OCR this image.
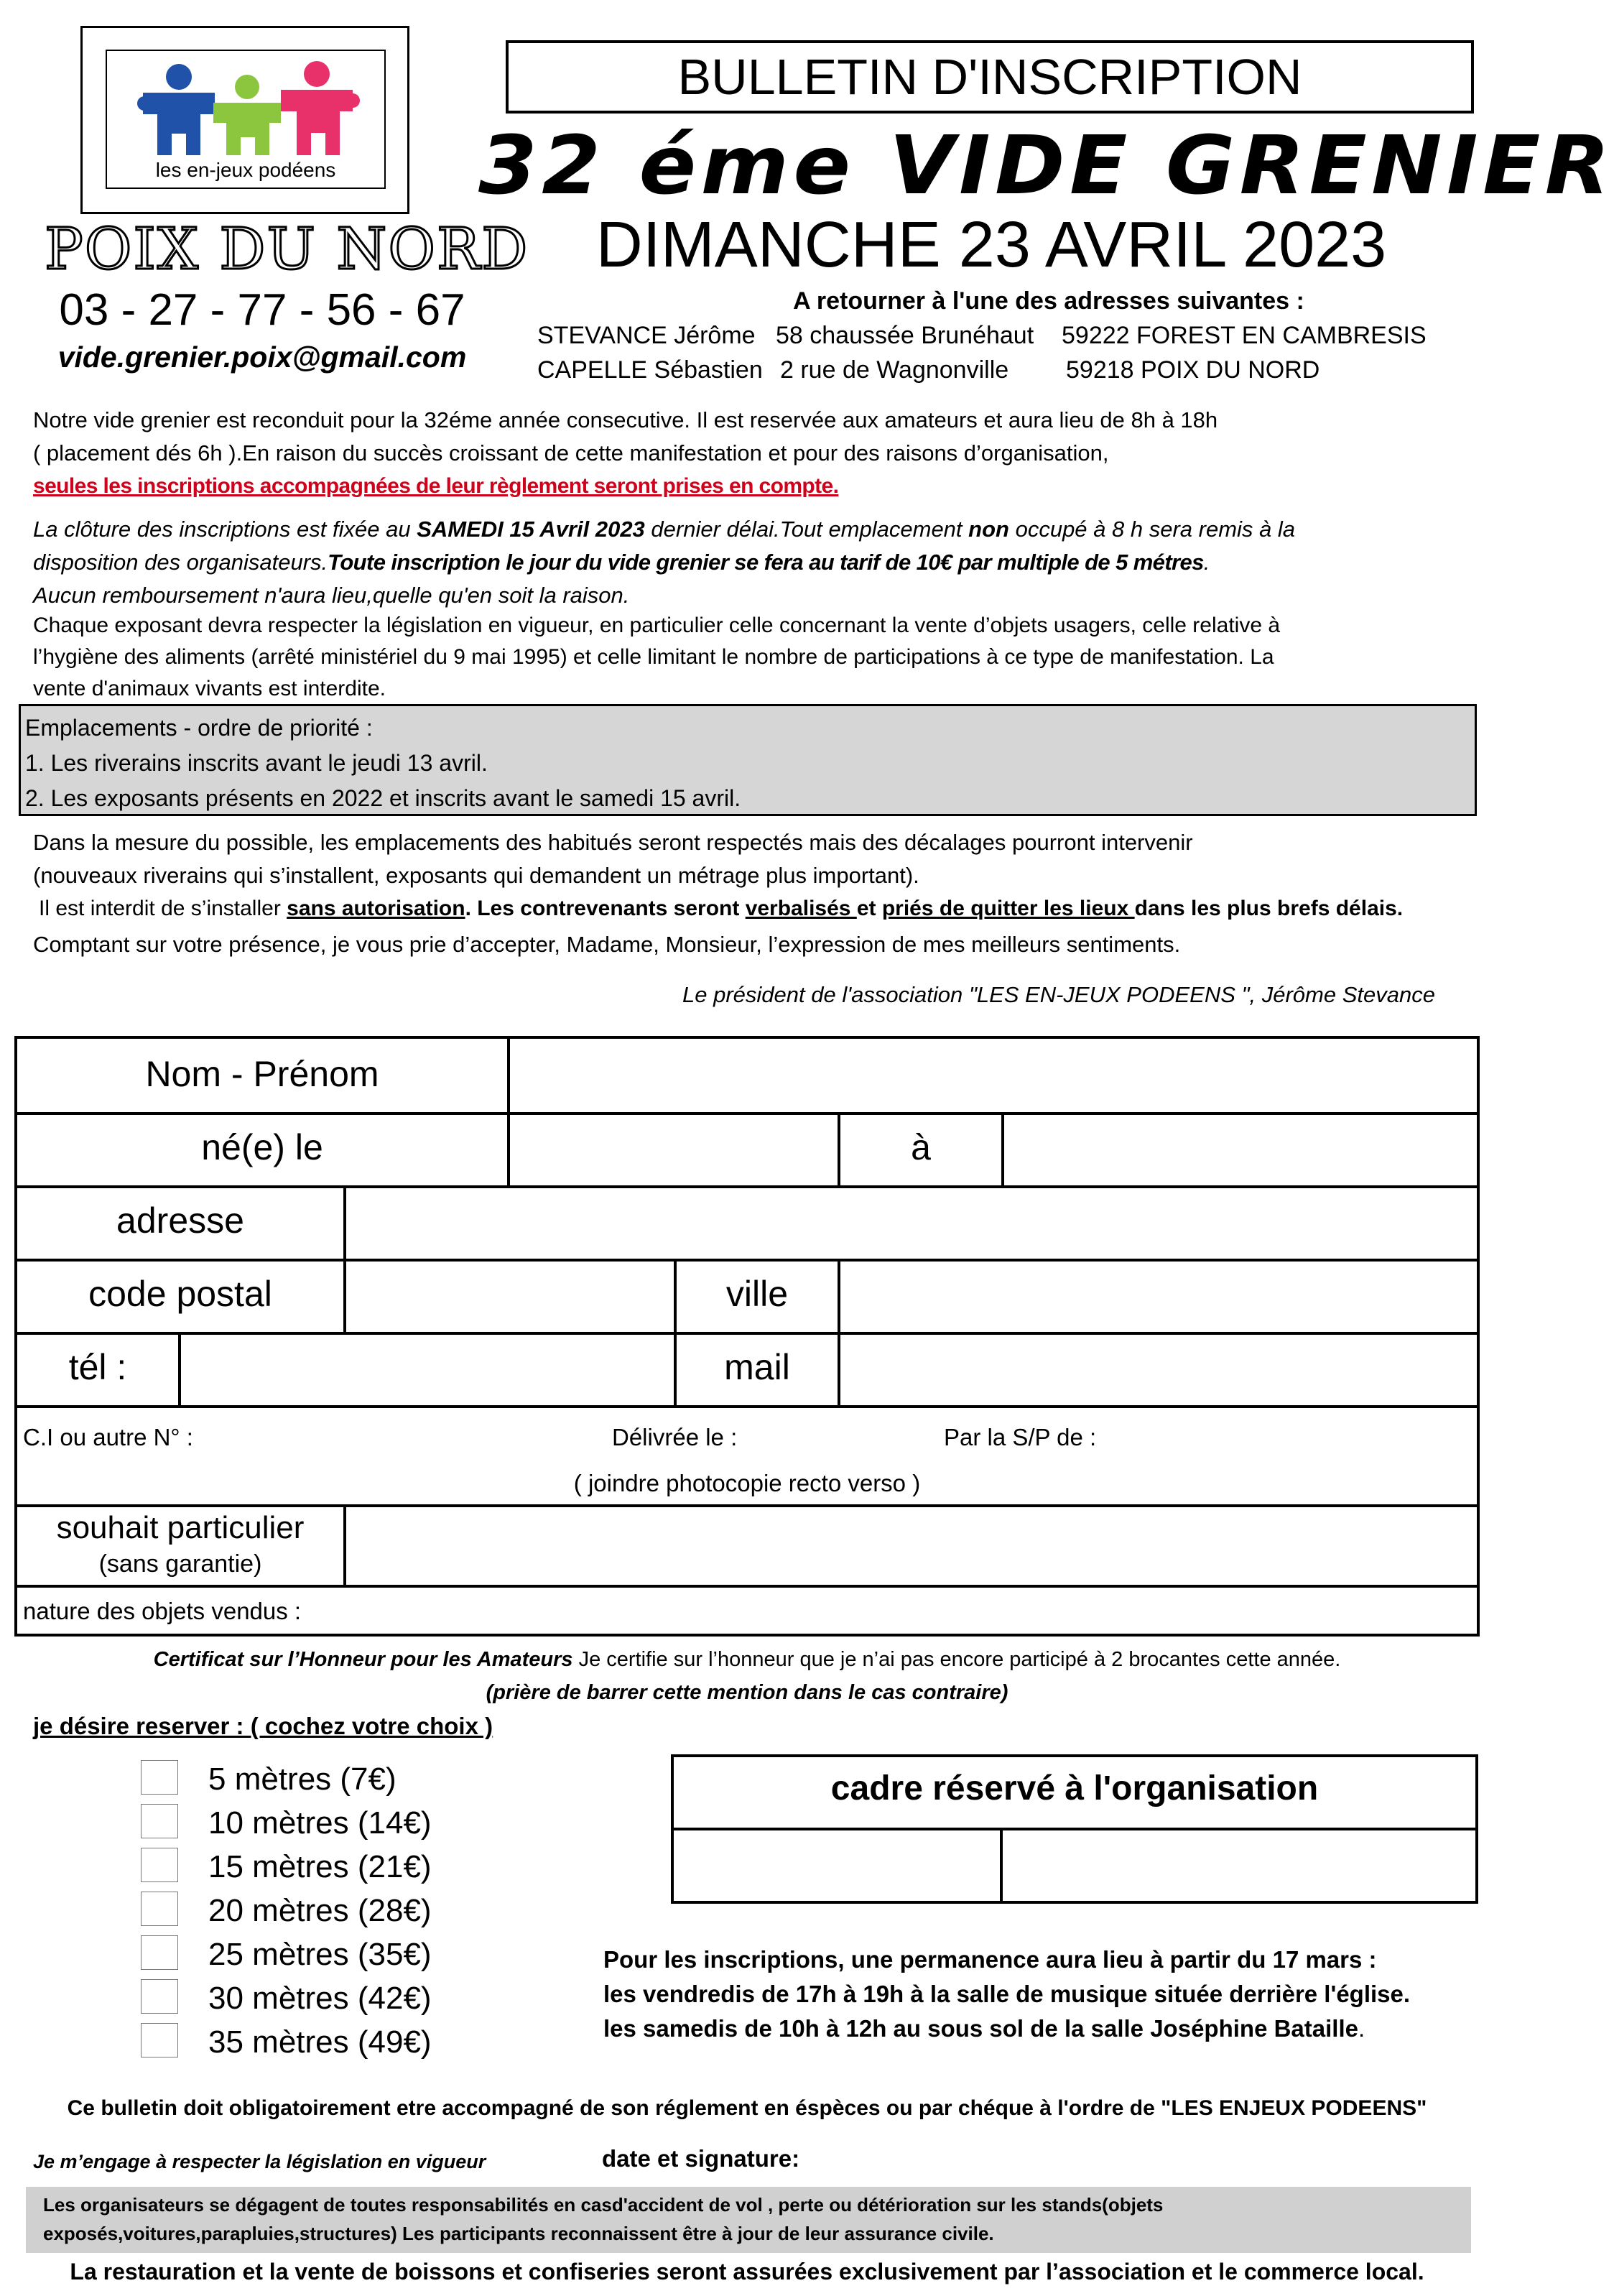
les en-jeux podéens
POIX DU NORD
03 - 27 - 77 - 56 - 67
vide.grenier.poix@gmail.com
BULLETIN D'INSCRIPTION
32 éme VIDE GRENIER
DIMANCHE 23 AVRIL 2023
A retourner à l'une des adresses suivantes :
STEVANCE Jérôme 58 chaussée Brunéhaut 59222 FOREST EN CAMBRESIS
CAPELLE Sébastien 2 rue de Wagnonville 59218 POIX DU NORD
Notre vide grenier est reconduit pour la 32éme année consecutive. Il est reservée aux amateurs et aura lieu de 8h à 18h
( placement dés 6h ).En raison du succès croissant de cette manifestation et pour des raisons d’organisation,
seules les inscriptions accompagnées de leur règlement seront prises en compte.
La clôture des inscriptions est fixée au SAMEDI 15 Avril 2023 dernier délai.Tout emplacement non occupé à 8 h sera remis à la
disposition des organisateurs.Toute inscription le jour du vide grenier se fera au tarif de 10€ par multiple de 5 métres.
Aucun remboursement n'aura lieu,quelle qu'en soit la raison.
Chaque exposant devra respecter la législation en vigueur, en particulier celle concernant la vente d’objets usagers, celle relative à
l’hygiène des aliments (arrêté ministériel du 9 mai 1995) et celle limitant le nombre de participations à ce type de manifestation. La
vente d'animaux vivants est interdite.
Emplacements - ordre de priorité :
1. Les riverains inscrits avant le jeudi 13 avril.
2. Les exposants présents en 2022 et inscrits avant le samedi 15 avril.
Dans la mesure du possible, les emplacements des habitués seront respectés mais des décalages pourront intervenir
(nouveaux riverains qui s’installent, exposants qui demandent un métrage plus important).
Il est interdit de s’installer sans autorisation. Les contrevenants seront verbalisés et priés de quitter les lieux dans les plus brefs délais.
Comptant sur votre présence, je vous prie d’accepter, Madame, Monsieur, l’expression de mes meilleurs sentiments.
Le président de l'association "LES EN-JEUX PODEENS ", Jérôme Stevance
Nom - Prénom
né(e) le	à
adresse
code postal	ville
tél :	mail
C.I ou autre N° :	Délivrée le :	Par la S/P de :
( joindre photocopie recto verso )
souhait particulier
(sans garantie)
nature des objets vendus :
Certificat sur l’Honneur pour les Amateurs Je certifie sur l’honneur que je n’ai pas encore participé à 2 brocantes cette année.
(prière de barrer cette mention dans le cas contraire)
je désire reserver : ( cochez votre choix )
5 mètres (7€)
10 mètres (14€)
15 mètres (21€)
20 mètres (28€)
25 mètres (35€)
30 mètres (42€)
35 mètres (49€)
cadre réservé à l'organisation
Pour les inscriptions, une permanence aura lieu à partir du 17 mars :
les vendredis de 17h à 19h à la salle de musique située derrière l'église.
les samedis de 10h à 12h au sous sol de la salle Joséphine Bataille.
Ce bulletin doit obligatoirement etre accompagné de son réglement en éspèces ou par chéque à l'ordre de "LES ENJEUX PODEENS"
Je m’engage à respecter la législation en vigueur	date et signature:
Les organisateurs se dégagent de toutes responsabilités en casd'accident de vol , perte ou détérioration sur les stands(objets
exposés,voitures,parapluies,structures) Les participants reconnaissent être à jour de leur assurance civile.
La restauration et la vente de boissons et confiseries seront assurées exclusivement par l’association et le commerce local.
